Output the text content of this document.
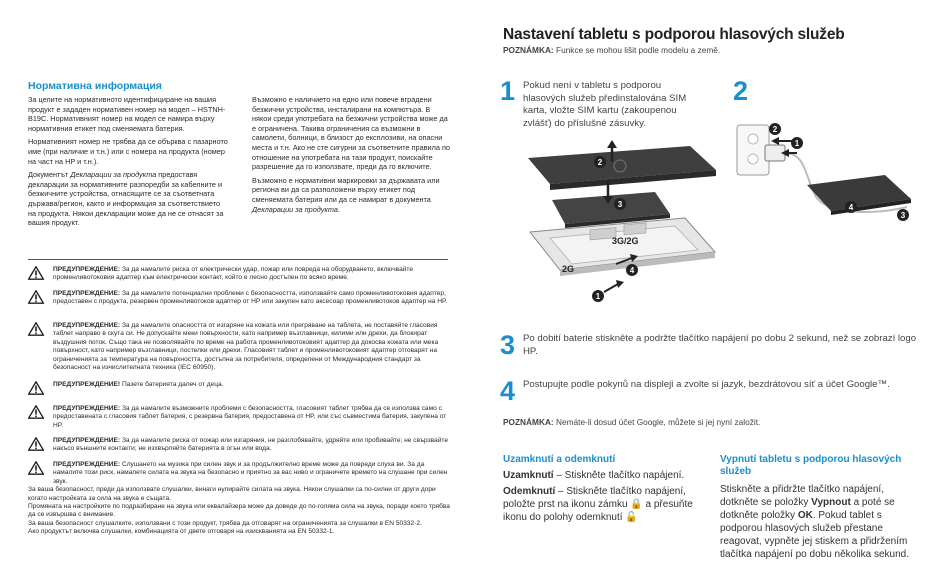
Нормативна информация

За целите на нормативното идентифициране на вашия продукт е зададен нормативен номер на модел – HSTNH-B19C. Нормативният номер на модел се намира върху нормативния етикет под сменяемата батерия.

Нормативният номер не трябва да се обърква с пазарното име (при наличие и т.н.) или с номера на продукта (номер на част на HP и т.н.).

Документът Декларации за продукта предоставя декларации за нормативните разпоредби за кабелните и безжичните устройства, отнасящите се за съответната държава/регион, както и информация за съответствието на продукта. Някои декларации може да не се отнасят за вашия продукт.

Възможно е наличието на едно или повече вградени безжични устройства, инсталирани на компютъра. В някои среди употребата на безжични устройства може да е ограничена. Такива ограничения са възможни в самолети, болници, в близост до експлозиви, на опасни места и т.н. Ако не сте сигурни за съответните правила по отношение на употребата на тази продукт, поискайте разрешение да го използвате, преди да го включите.

Възможно е нормативни маркировки за държавата или региона ви да са разположени върху етикет под сменяемата батерия или да се намират в документа Декларации за продукта.

ПРЕДУПРЕЖДЕНИЕ: За да намалите риска от електрически удар, пожар или повреда на оборудването, включвайте променливотоковия адаптер към електрически контакт, който е лесно достъпен по всяко време.
ПРЕДУПРЕЖДЕНИЕ: За да намалите потенциални проблеми с безопасността, използвайте само променливотоковия адаптер, предоставен с продукта, резервен променливотоков адаптер от HP или закупен като аксесоар променливотоков адаптер на HP.
ПРЕДУПРЕЖДЕНИЕ: За да намалите опасността от изгаряне на кожата или прегряване на таблета, не поставяйте гласовия таблет направо в скута си. Не допускайте меки повърхности, като например възглавници, килими или дрехи, да блокират въздушния поток. Също така не позволявайте по време на работа променливотоковият адаптер да докосва кожата или мека повърхност, като например възглавници, постелки или дрехи. Гласовият таблет и променливотоковият адаптер отговарят на ограниченията за температура на повърхността, достъпна за потребителя, определени от Международния стандарт за безопасност на изчислителната техника (IEC 60950).
ПРЕДУПРЕЖДЕНИЕ! Пазете батерията далеч от деца.
ПРЕДУПРЕЖДЕНИЕ: За да намалите възможните проблеми с безопасността, гласовият таблет трябва да се използва само с предоставената с гласовия таблет батерия, с резервна батерия, предоставена от HP, или със съвместима батерия, закупена от HP.
ПРЕДУПРЕЖДЕНИЕ: За да намалите риска от пожар или изгаряния, не разглобявайте, удряйте или пробивайте; не свързвайте накъсо външните контакти; не изхвърляйте батерията в огън или вода.
ПРЕДУПРЕЖДЕНИЕ: Слушането на музика при силен звук и за продължително време може да повреди слуха ви. За да намалите този риск, намалете силата на звука на безопасно и приятно за вас ниво и ограничете времето на слушане при силен звук.
За ваша безопасност, преди да използвате слушалки, винаги нулирайте силата на звука. Някои слушалки са по-силни от други дори когато настройката за сила на звука е същата.
Промяната на настройките по подразбиране на звука или еквалайзера може да доведе до по-голяма сила на звука, поради което трябва да се извършва с внимание.
За ваша безопасност слушалките, използвани с този продукт, трябва да отговарят на ограниченията за слушалки в EN 50332-2.
Ако продуктът включва слушалки, комбинацията от двете отговаря на изискванията на EN 50332-1.
Nastavení tabletu s podporou hlasových služeb
POZNÁMKA: Funkce se mohou lišit podle modelu a země.
1 Pokud není v tabletu s podporou hlasových služeb předinstalována SIM karta, vložte SIM kartu (zakoupenou zvlášť) do příslušné zásuvky.
2
2
3
4
1
3G/2G
2G
2
1
4
3
3 Po dobití baterie stiskněte a podržte tlačítko napájení po dobu 2 sekund, než se zobrazí logo HP.
4 Postupujte podle pokynů na displeji a zvolte si jazyk, bezdrátovou síť a účet Google™.
POZNÁMKA: Nemáte-li dosud účet Google, můžete si jej nyní založit.
Uzamknutí a odemknutí
Uzamknutí – Stiskněte tlačítko napájení.
Odemknutí – Stiskněte tlačítko napájení, položte prst na ikonu zámku 🔒 a přesuňte ikonu do polohy odemknutí 🔓
Vypnutí tabletu s podporou hlasových služeb
Stiskněte a přidržte tlačítko napájení, dotkněte se položky Vypnout a poté se dotkněte položky OK. Pokud tablet s podporou hlasových služeb přestane reagovat, vypněte jej stiskem a přidržením tlačítka napájení po dobu několika sekund.
